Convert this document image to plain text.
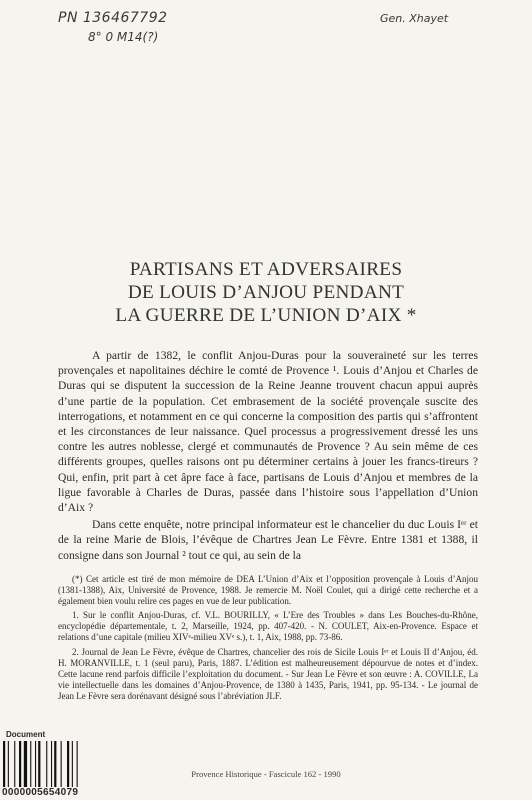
PN 136467792
8° 0 M14(?)
Gen. Xhayet
PARTISANS ET ADVERSAIRES
DE LOUIS D’ANJOU PENDANT
LA GUERRE DE L’UNION D’AIX *

A partir de 1382, le conflit Anjou-Duras pour la souveraineté sur les terres provençales et napolitaines déchire le comté de Provence ¹. Louis d’Anjou et Charles de Duras qui se disputent la succession de la Reine Jeanne trouvent chacun appui auprès d’une partie de la population. Cet embrasement de la société provençale suscite des interrogations, et notamment en ce qui concerne la composition des partis qui s’affrontent et les circonstances de leur naissance. Quel processus a progressivement dressé les uns contre les autres noblesse, clergé et communautés de Provence ? Au sein même de ces différents groupes, quelles raisons ont pu déterminer certains à jouer les francs-tireurs ? Qui, enfin, prit part à cet âpre face à face, partisans de Louis d’Anjou et membres de la ligue favorable à Charles de Duras, passée dans l’histoire sous l’appellation d’Union d’Aix ?

Dans cette enquête, notre principal informateur est le chancelier du duc Louis Iᵉʳ et de la reine Marie de Blois, l’évêque de Chartres Jean Le Fèvre. Entre 1381 et 1388, il consigne dans son Journal ² tout ce qui, au sein de la

(*) Cet article est tiré de mon mémoire de DEA L’Union d’Aix et l’opposition provençale à Louis d’Anjou (1381-1388), Aix, Université de Provence, 1988. Je remercie M. Noël Coulet, qui a dirigé cette recherche et a également bien voulu relire ces pages en vue de leur publication.

1. Sur le conflit Anjou-Duras, cf. V.L. BOURILLY, « L’Ere des Troubles » dans Les Bouches-du-Rhône, encyclopédie départementale, t. 2, Marseille, 1924, pp. 407-420. - N. COULET, Aix-en-Provence. Espace et relations d’une capitale (milieu XIVᵉ-milieu XVᵉ s.), t. 1, Aix, 1988, pp. 73-86.

2. Journal de Jean Le Fèvre, évêque de Chartres, chancelier des rois de Sicile Louis Iᵉʳ et Louis II d’Anjou, éd. H. MORANVILLE, t. 1 (seul paru), Paris, 1887. L’édition est malheureusement dépourvue de notes et d’index. Cette lacune rend parfois difficile l’exploitation du document. - Sur Jean Le Fèvre et son œuvre : A. COVILLE, La vie intellectuelle dans les domaines d’Anjou-Provence, de 1380 à 1435, Paris, 1941, pp. 95-134. - Le journal de Jean Le Fèvre sera dorénavant désigné sous l’abréviation JLF.

Provence Historique - Fascicule 162 - 1990
Document
0000005654079
